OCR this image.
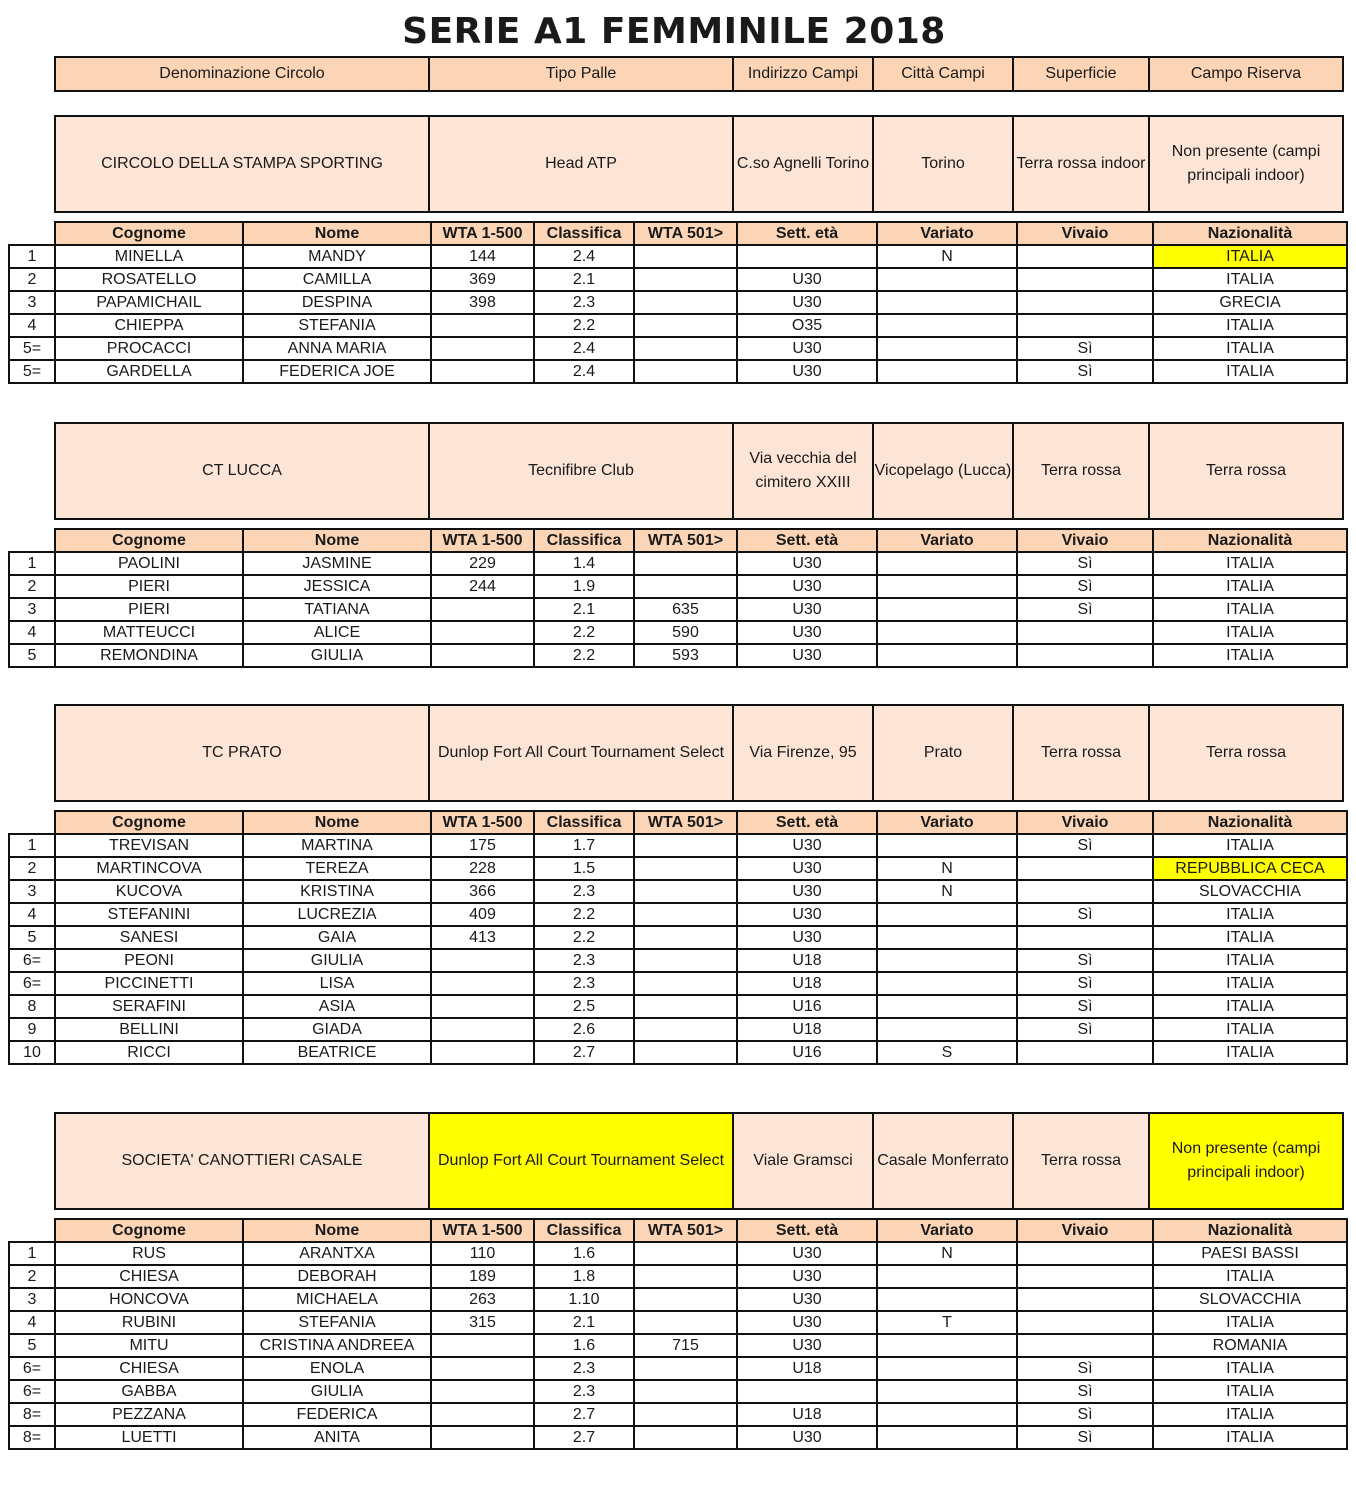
SERIE A1 FEMMINILE 2018
Denominazione Circolo	Tipo Palle	Indirizzo Campi	Città Campi	Superficie	Campo Riserva
CIRCOLO DELLA STAMPA SPORTING	Head ATP	C.so Agnelli Torino	Torino	Terra rossa indoor	Non presente (campi principali indoor)
	Cognome	Nome	WTA 1-500	Classifica	WTA 501>	Sett. età	Variato	Vivaio	Nazionalità
1	MINELLA	MANDY	144	2.4			N		ITALIA
2	ROSATELLO	CAMILLA	369	2.1		U30			ITALIA
3	PAPAMICHAIL	DESPINA	398	2.3		U30			GRECIA
4	CHIEPPA	STEFANIA		2.2		O35			ITALIA
5=	PROCACCI	ANNA MARIA		2.4		U30		Sì	ITALIA
5=	GARDELLA	FEDERICA JOE		2.4		U30		Sì	ITALIA
CT LUCCA	Tecnifibre Club	Via vecchia del cimitero XXIII	Vicopelago (Lucca)	Terra rossa	Terra rossa
	Cognome	Nome	WTA 1-500	Classifica	WTA 501>	Sett. età	Variato	Vivaio	Nazionalità
1	PAOLINI	JASMINE	229	1.4		U30		Sì	ITALIA
2	PIERI	JESSICA	244	1.9		U30		Sì	ITALIA
3	PIERI	TATIANA		2.1	635	U30		Sì	ITALIA
4	MATTEUCCI	ALICE		2.2	590	U30			ITALIA
5	REMONDINA	GIULIA		2.2	593	U30			ITALIA
TC PRATO	Dunlop Fort All Court Tournament Select	Via Firenze, 95	Prato	Terra rossa	Terra rossa
	Cognome	Nome	WTA 1-500	Classifica	WTA 501>	Sett. età	Variato	Vivaio	Nazionalità
1	TREVISAN	MARTINA	175	1.7		U30		Sì	ITALIA
2	MARTINCOVA	TEREZA	228	1.5		U30	N		REPUBBLICA CECA
3	KUCOVA	KRISTINA	366	2.3		U30	N		SLOVACCHIA
4	STEFANINI	LUCREZIA	409	2.2		U30		Sì	ITALIA
5	SANESI	GAIA	413	2.2		U30			ITALIA
6=	PEONI	GIULIA		2.3		U18		Sì	ITALIA
6=	PICCINETTI	LISA		2.3		U18		Sì	ITALIA
8	SERAFINI	ASIA		2.5		U16		Sì	ITALIA
9	BELLINI	GIADA		2.6		U18		Sì	ITALIA
10	RICCI	BEATRICE		2.7		U16	S		ITALIA
SOCIETA' CANOTTIERI CASALE	Dunlop Fort All Court Tournament Select	Viale Gramsci	Casale Monferrato	Terra rossa	Non presente (campi principali indoor)
	Cognome	Nome	WTA 1-500	Classifica	WTA 501>	Sett. età	Variato	Vivaio	Nazionalità
1	RUS	ARANTXA	110	1.6		U30	N		PAESI BASSI
2	CHIESA	DEBORAH	189	1.8		U30			ITALIA
3	HONCOVA	MICHAELA	263	1.10		U30			SLOVACCHIA
4	RUBINI	STEFANIA	315	2.1		U30	T		ITALIA
5	MITU	CRISTINA ANDREEA		1.6	715	U30			ROMANIA
6=	CHIESA	ENOLA		2.3		U18		Sì	ITALIA
6=	GABBA	GIULIA		2.3				Sì	ITALIA
8=	PEZZANA	FEDERICA		2.7		U18		Sì	ITALIA
8=	LUETTI	ANITA		2.7		U30		Sì	ITALIA
